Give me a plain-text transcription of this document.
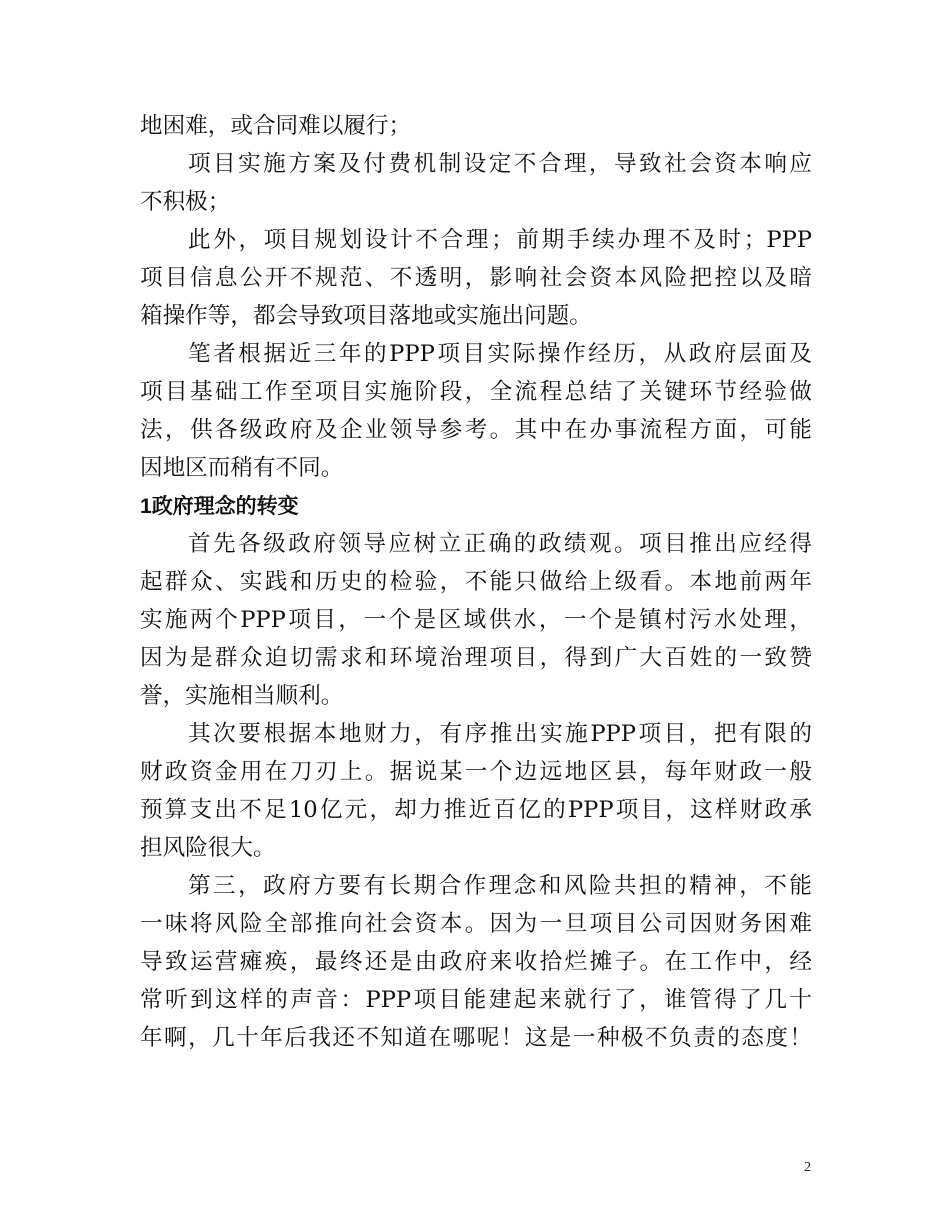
地困难，或合同难以履行；
项目实施方案及付费机制设定不合理，导致社会资本响应
不积极；
此外，项目规划设计不合理；前期手续办理不及时；PPP
项目信息公开不规范、不透明，影响社会资本风险把控以及暗
箱操作等，都会导致项目落地或实施出问题。
笔者根据近三年的PPP项目实际操作经历，从政府层面及
项目基础工作至项目实施阶段，全流程总结了关键环节经验做
法，供各级政府及企业领导参考。其中在办事流程方面，可能
因地区而稍有不同。
1政府理念的转变
首先各级政府领导应树立正确的政绩观。项目推出应经得
起群众、实践和历史的检验，不能只做给上级看。本地前两年
实施两个PPP项目，一个是区域供水，一个是镇村污水处理，
因为是群众迫切需求和环境治理项目，得到广大百姓的一致赞
誉，实施相当顺利。
其次要根据本地财力，有序推出实施PPP项目，把有限的
财政资金用在刀刃上。据说某一个边远地区县，每年财政一般
预算支出不足10亿元，却力推近百亿的PPP项目，这样财政承
担风险很大。
第三，政府方要有长期合作理念和风险共担的精神，不能
一味将风险全部推向社会资本。因为一旦项目公司因财务困难
导致运营瘫痪，最终还是由政府来收拾烂摊子。在工作中，经
常听到这样的声音：PPP项目能建起来就行了，谁管得了几十
年啊，几十年后我还不知道在哪呢！这是一种极不负责的态度！
2
